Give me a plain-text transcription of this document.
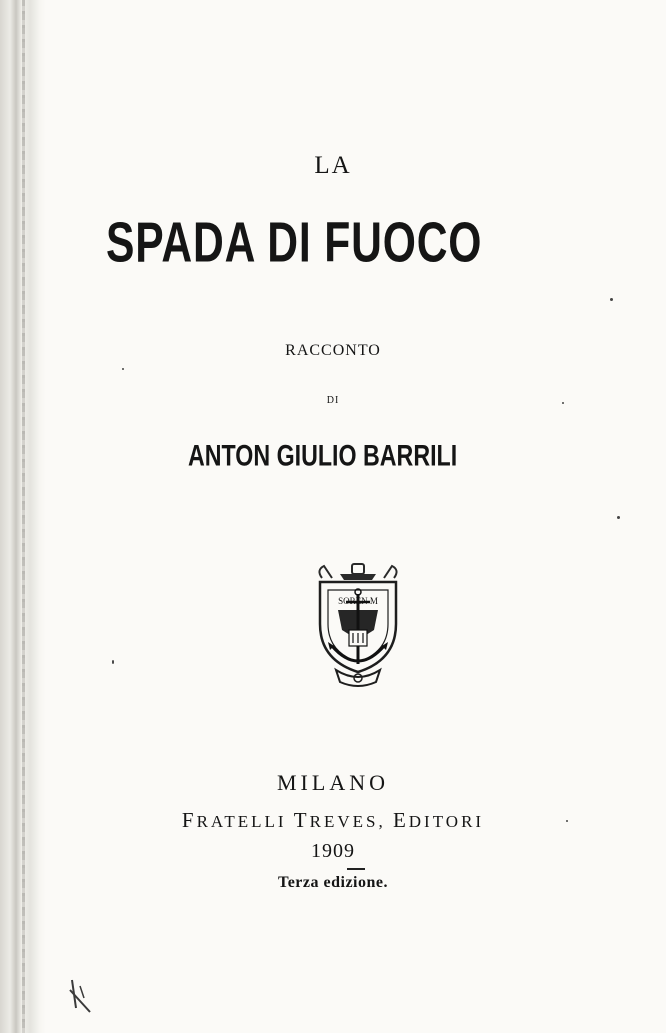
LA
SPADA DI FUOCO
RACCONTO
DI
ANTON GIULIO BARRILI
SOREN M
MILANO
FRATELLI TREVES, EDITORI
1909
Terza edizione.
